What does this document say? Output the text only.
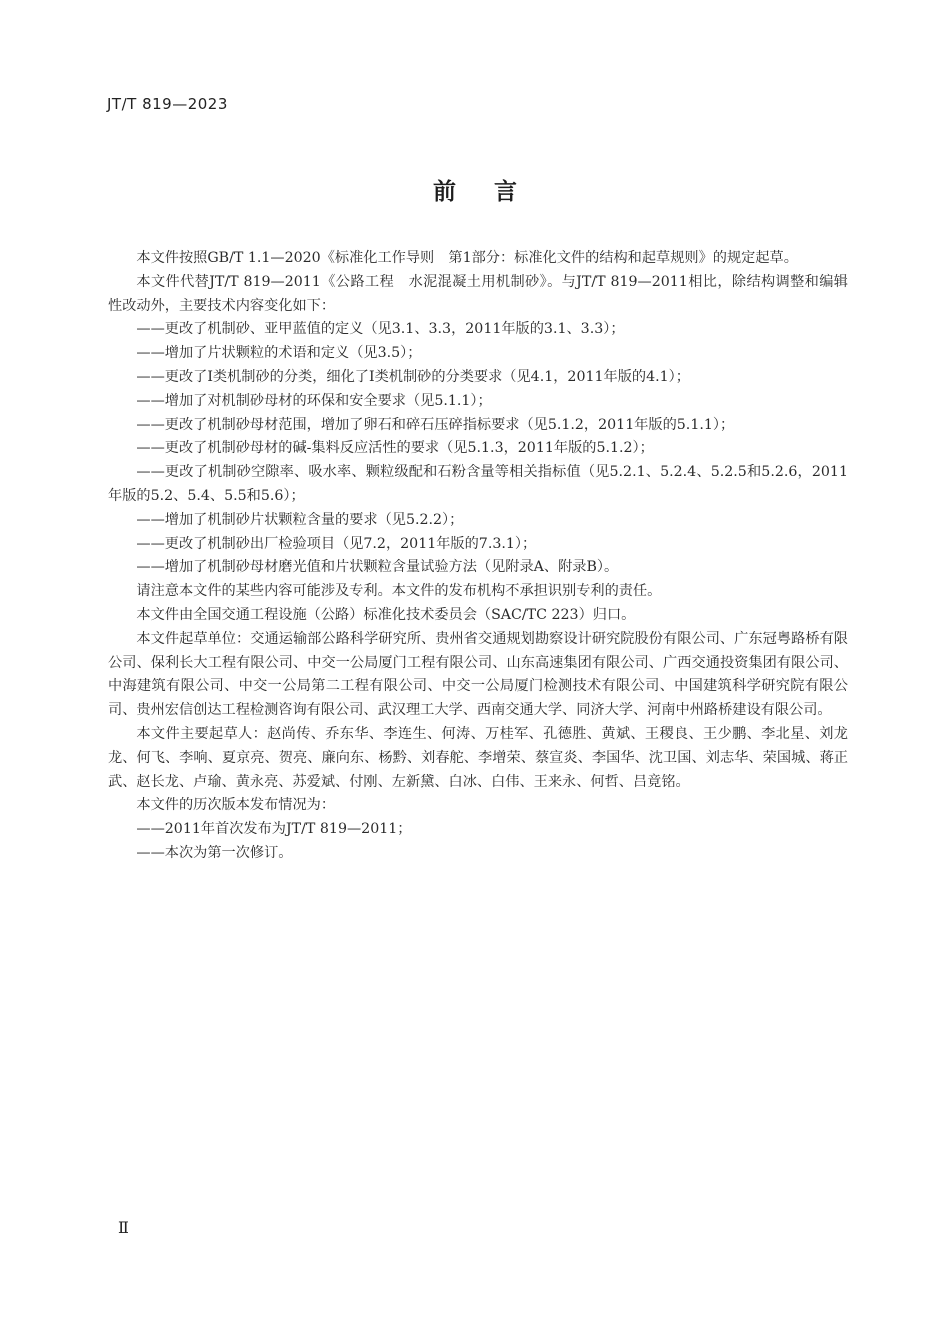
JT/T 819—2023
前言

本文件按照GB/T 1.1—2020《标准化工作导则　第1部分：标准化文件的结构和起草规则》的规定起草。

本文件代替JT/T 819—2011《公路工程　水泥混凝土用机制砂》。与JT/T 819—2011相比，除结构调整和编辑性改动外，主要技术内容变化如下：

——更改了机制砂、亚甲蓝值的定义（见3.1、3.3，2011年版的3.1、3.3）；

——增加了片状颗粒的术语和定义（见3.5）；

——更改了Ⅰ类机制砂的分类，细化了Ⅰ类机制砂的分类要求（见4.1，2011年版的4.1）；

——增加了对机制砂母材的环保和安全要求（见5.1.1）；

——更改了机制砂母材范围，增加了卵石和碎石压碎指标要求（见5.1.2，2011年版的5.1.1）；

——更改了机制砂母材的碱-集料反应活性的要求（见5.1.3，2011年版的5.1.2）；

——更改了机制砂空隙率、吸水率、颗粒级配和石粉含量等相关指标值（见5.2.1、5.2.4、5.2.5和5.2.6，2011年版的5.2、5.4、5.5和5.6）；

——增加了机制砂片状颗粒含量的要求（见5.2.2）；

——更改了机制砂出厂检验项目（见7.2，2011年版的7.3.1）；

——增加了机制砂母材磨光值和片状颗粒含量试验方法（见附录A、附录B）。

请注意本文件的某些内容可能涉及专利。本文件的发布机构不承担识别专利的责任。

本文件由全国交通工程设施（公路）标准化技术委员会（SAC/TC 223）归口。

本文件起草单位：交通运输部公路科学研究所、贵州省交通规划勘察设计研究院股份有限公司、广东冠粤路桥有限公司、保利长大工程有限公司、中交一公局厦门工程有限公司、山东高速集团有限公司、广西交通投资集团有限公司、中海建筑有限公司、中交一公局第二工程有限公司、中交一公局厦门检测技术有限公司、中国建筑科学研究院有限公司、贵州宏信创达工程检测咨询有限公司、武汉理工大学、西南交通大学、同济大学、河南中州路桥建设有限公司。

本文件主要起草人：赵尚传、乔东华、李连生、何涛、万桂军、孔德胜、黄斌、王稷良、王少鹏、李北星、刘龙龙、何飞、李响、夏京亮、贺亮、廉向东、杨黔、刘春舵、李增荣、蔡宣炎、李国华、沈卫国、刘志华、荣国城、蒋正武、赵长龙、卢瑜、黄永亮、苏爱斌、付刚、左新黛、白冰、白伟、王来永、何哲、吕竟铭。

本文件的历次版本发布情况为：

——2011年首次发布为JT/T 819—2011；

——本次为第一次修订。

Ⅱ
